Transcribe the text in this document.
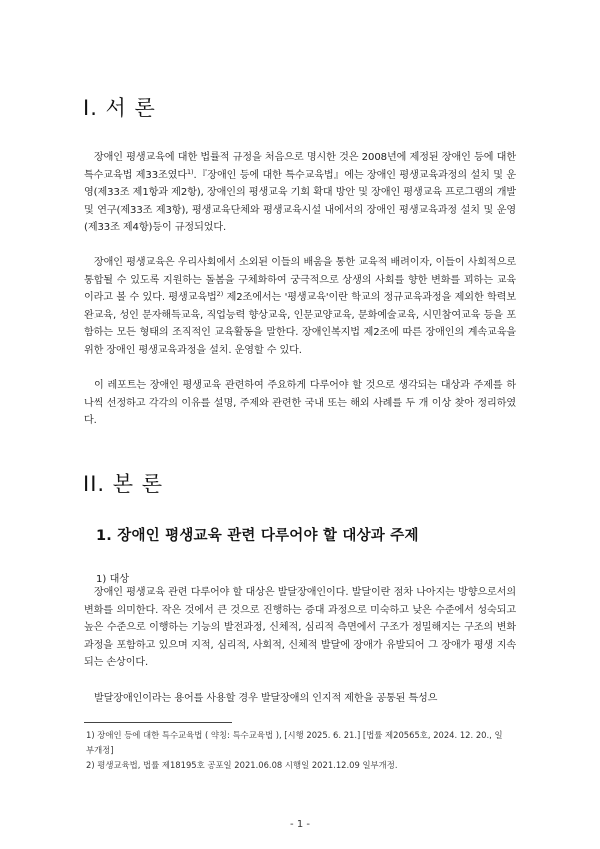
I. 서 론

장애인 평생교육에 대한 법률적 규정을 처음으로 명시한 것은 2008년에 제정된 장애인 등에 대한 특수교육법 제33조였다$^{1)}$.『장애인 등에 대한 특수교육법』에는 장애인 평생교육과정의 설치 및 운영(제33조 제1항과 제2항), 장애인의 평생교육 기회 확대 방안 및 장애인 평생교육 프로그램의 개발 및 연구(제33조 제3항), 평생교육단체와 평생교육시설 내에서의 장애인 평생교육과정 설치 및 운영(제33조 제4항)등이 규정되었다.

장애인 평생교육은 우리사회에서 소외된 이들의 배움을 통한 교육적 배려이자, 이들이 사회적으로 통합될 수 있도록 지원하는 돌봄을 구체화하여 궁극적으로 상생의 사회를 향한 변화를 꾀하는 교육이라고 볼 수 있다. 평생교육법$^{2)}$ 제2조에서는 '평생교육'이란 학교의 정규교육과정을 제외한 학력보완교육, 성인 문자해득교육, 직업능력 향상교육, 인문교양교육, 문화예술교육, 시민참여교육 등을 포함하는 모든 형태의 조직적인 교육활동을 말한다. 장애인복지법 제2조에 따른 장애인의 계속교육을 위한 장애인 평생교육과정을 설치. 운영할 수 있다.

이 레포트는 장애인 평생교육 관련하여 주요하게 다루어야 할 것으로 생각되는 대상과 주제를 하나씩 선정하고 각각의 이유를 설명, 주제와 관련한 국내 또는 해외 사례를 두 개 이상 찾아 정리하였다.

II. 본 론
1. 장애인 평생교육 관련 다루어야 할 대상과 주제
1) 대상

장애인 평생교육 관련 다루어야 할 대상은 발달장애인이다. 발달이란 점차 나아지는 방향으로서의 변화를 의미한다. 작은 것에서 큰 것으로 진행하는 증대 과정으로 미숙하고 낮은 수준에서 성숙되고 높은 수준으로 이행하는 기능의 발전과정, 신체적, 심리적 측면에서 구조가 정밀해지는 구조의 변화과정을 포함하고 있으며 지적, 심리적, 사회적, 신체적 발달에 장애가 유발되어 그 장애가 평생 지속되는 손상이다.

발달장애인이라는 용어를 사용할 경우 발달장애의 인지적 제한을 공통된 특성으

1) 장애인 등에 대한 특수교육법 ( 약칭: 특수교육법 ), [시행 2025. 6. 21.] [법률 제20565호, 2024. 12. 20., 일부개정]
2) 평생교육법, 법률 제18195호 공포일 2021.06.08 시행일 2021.12.09 일부개정.
- 1 -
